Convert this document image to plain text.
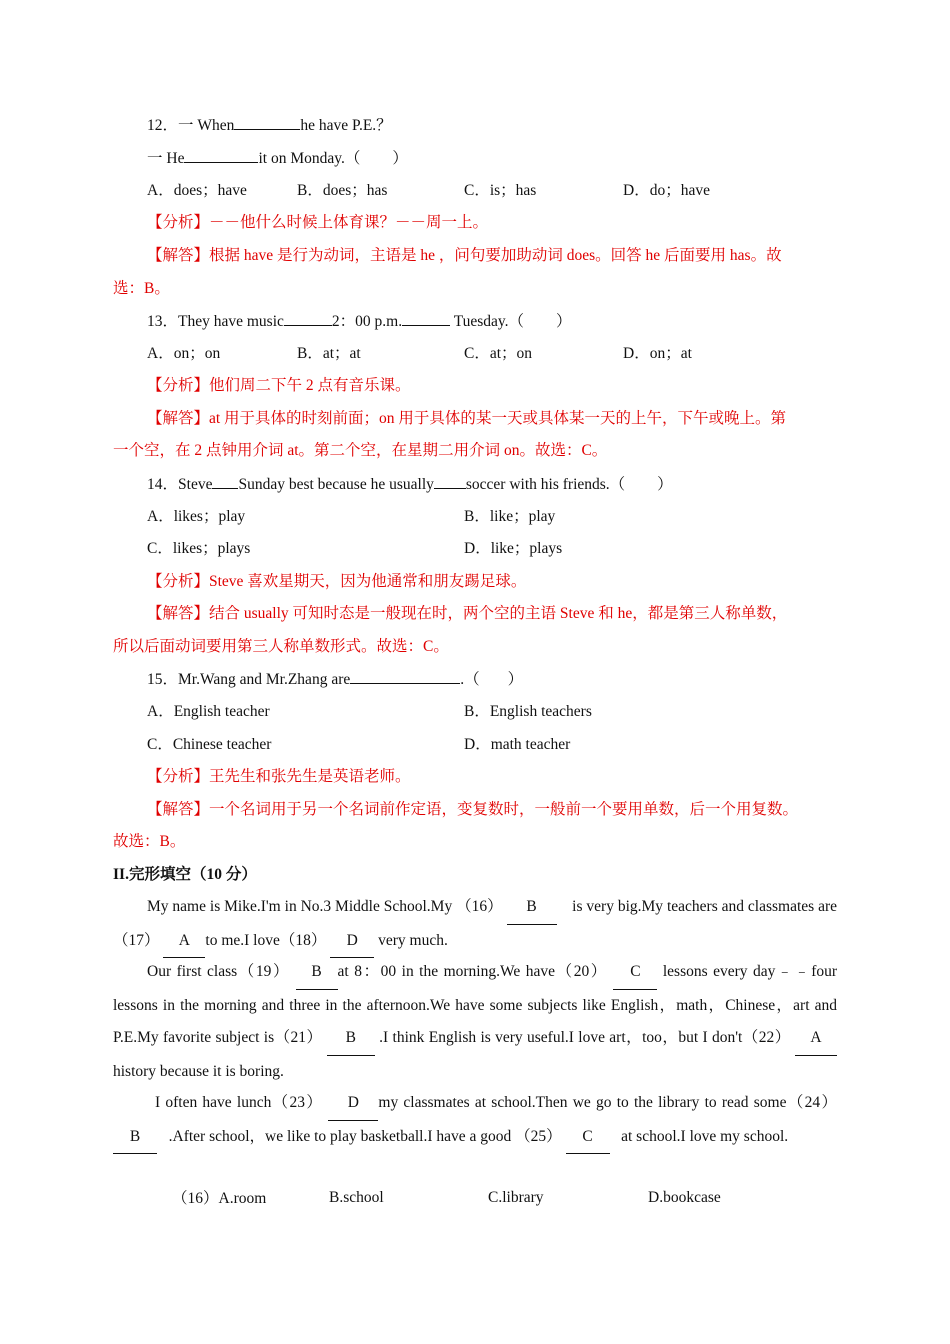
12．一 When	he have P.E.？
一 He	it on Monday.（ ）
A．does；have	B．does；has	C．is；has	D．do；have
【分析】－－他什么时候上体育课？－－周一上。
【解答】根据 have 是行为动词，主语是 he ，问句要加助动词 does。回答 he 后面要用 has。故
选：B。
13．They have music	2：00 p.m.	Tuesday.（ ）
A．on；on	B．at；at	C．at；on	D．on；at
【分析】他们周二下午 2 点有音乐课。
【解答】at 用于具体的时刻前面；on 用于具体的某一天或具体某一天的上午，下午或晚上。第
一个空，在 2 点钟用介词 at。第二个空，在星期二用介词 on。故选：C。
14．Steve Sunday best because he usually soccer with his friends.（ ）
A．likes；play	B．like；play
C．likes；plays	D．like；plays
【分析】Steve 喜欢星期天，因为他通常和朋友踢足球。
【解答】结合 usually 可知时态是一般现在时，两个空的主语 Steve 和 he，都是第三人称单数，
所以后面动词要用第三人称单数形式。故选：C。
15．Mr.Wang and Mr.Zhang are	.（ ）
A．English teacher	B．English teachers
C．Chinese teacher	D．math teacher
【分析】王先生和张先生是英语老师。
【解答】一个名词用于另一个名词前作定语，变复数时，一般前一个要用单数，后一个用复数。
故选：B。
II.完形填空（10 分）
My name is Mike.I'm in No.3 Middle School.My （16） B is very big.My teachers and classmates are（17） A to me.I love（18） D very much.
Our first class（19） B at 8：00 in the morning.We have（20） C lessons every day﹣﹣four lessons in the morning and three in the afternoon.We have some subjects like English，math，Chinese，art and P.E.My favorite subject is（21） B .I think English is very useful.I love art，too，but I don't（22） Ahistory because it is boring.
I often have lunch（23） D my classmates at school.Then we go to the library to read some（24） B .After school，we like to play basketball.I have a good （25） C at school.I love my school.
（16）A.room	B.school	C.library	D.bookcase
